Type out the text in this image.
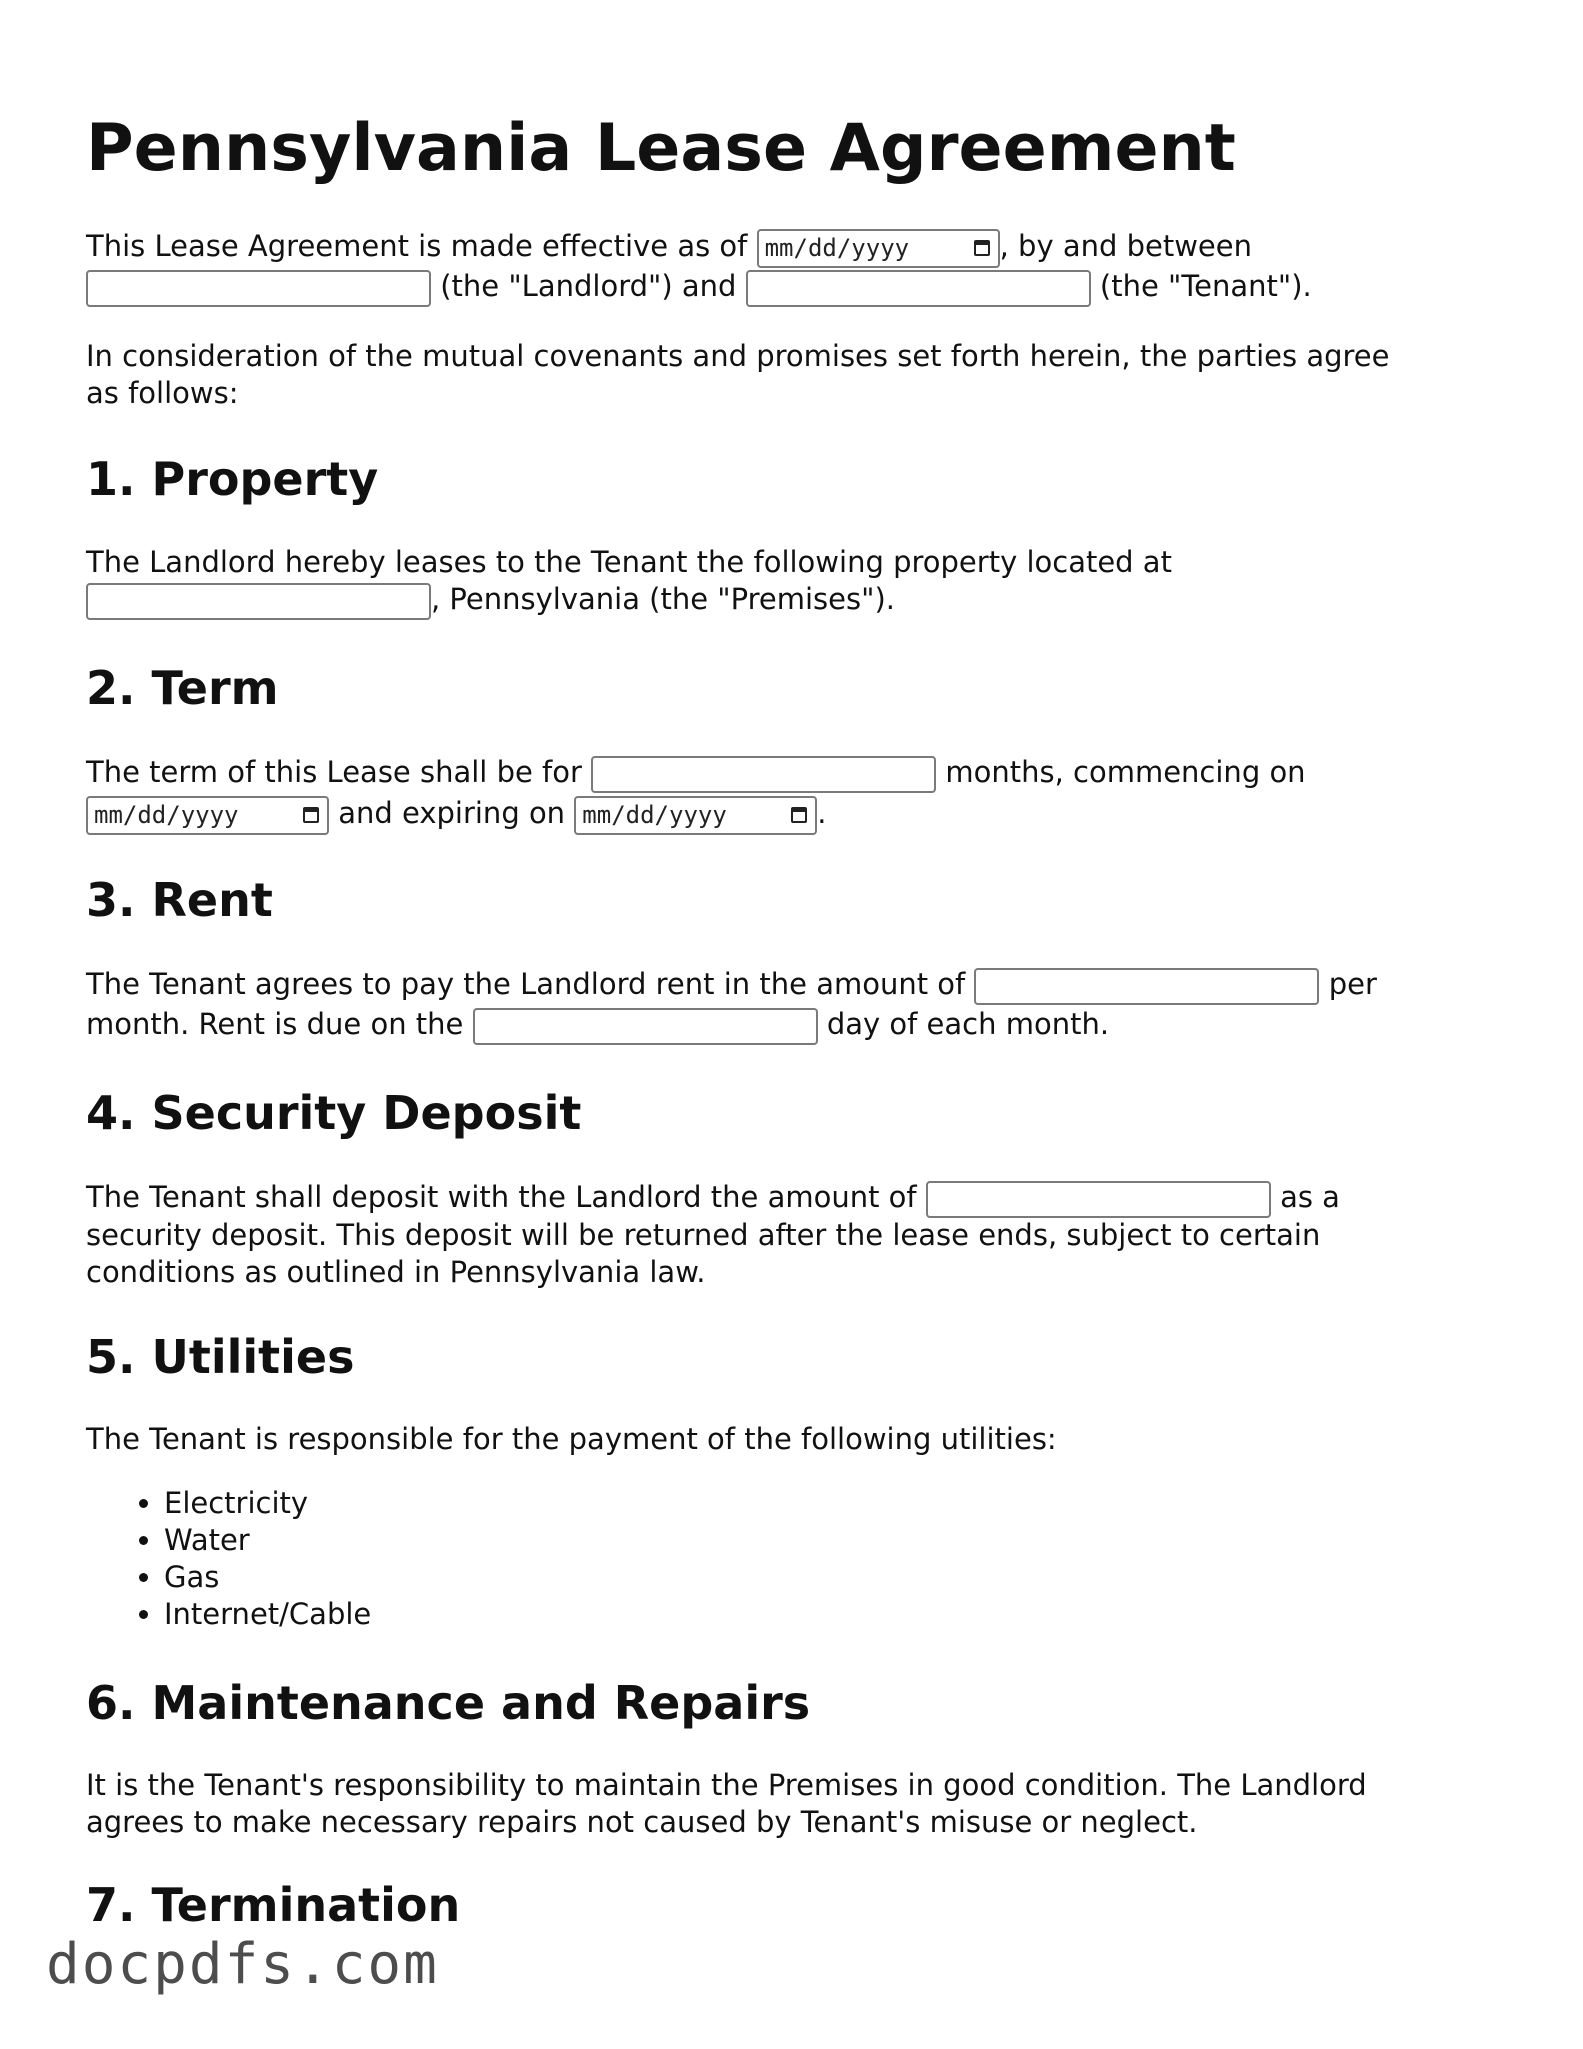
Pennsylvania Lease Agreement
This Lease Agreement is made effective as of mm/dd/yyyy	, by and between
(the "Landlord") and	(the "Tenant").
In consideration of the mutual covenants and promises set forth herein, the parties agree
as follows:
1. Property
The Landlord hereby leases to the Tenant the following property located at
, Pennsylvania (the "Premises").
2. Term
The term of this Lease shall be for	months, commencing on
mm/dd/yyyy	and expiring on mm/dd/yyyy	.
3. Rent
The Tenant agrees to pay the Landlord rent in the amount of	per
month. Rent is due on the	day of each month.
4. Security Deposit
The Tenant shall deposit with the Landlord the amount of	as a
security deposit. This deposit will be returned after the lease ends, subject to certain
conditions as outlined in Pennsylvania law.
5. Utilities
The Tenant is responsible for the payment of the following utilities:
• Electricity
• Water
• Gas
• Internet/Cable
6. Maintenance and Repairs
It is the Tenant's responsibility to maintain the Premises in good condition. The Landlord
agrees to make necessary repairs not caused by Tenant's misuse or neglect.
7. Termination
docpdfs.com
